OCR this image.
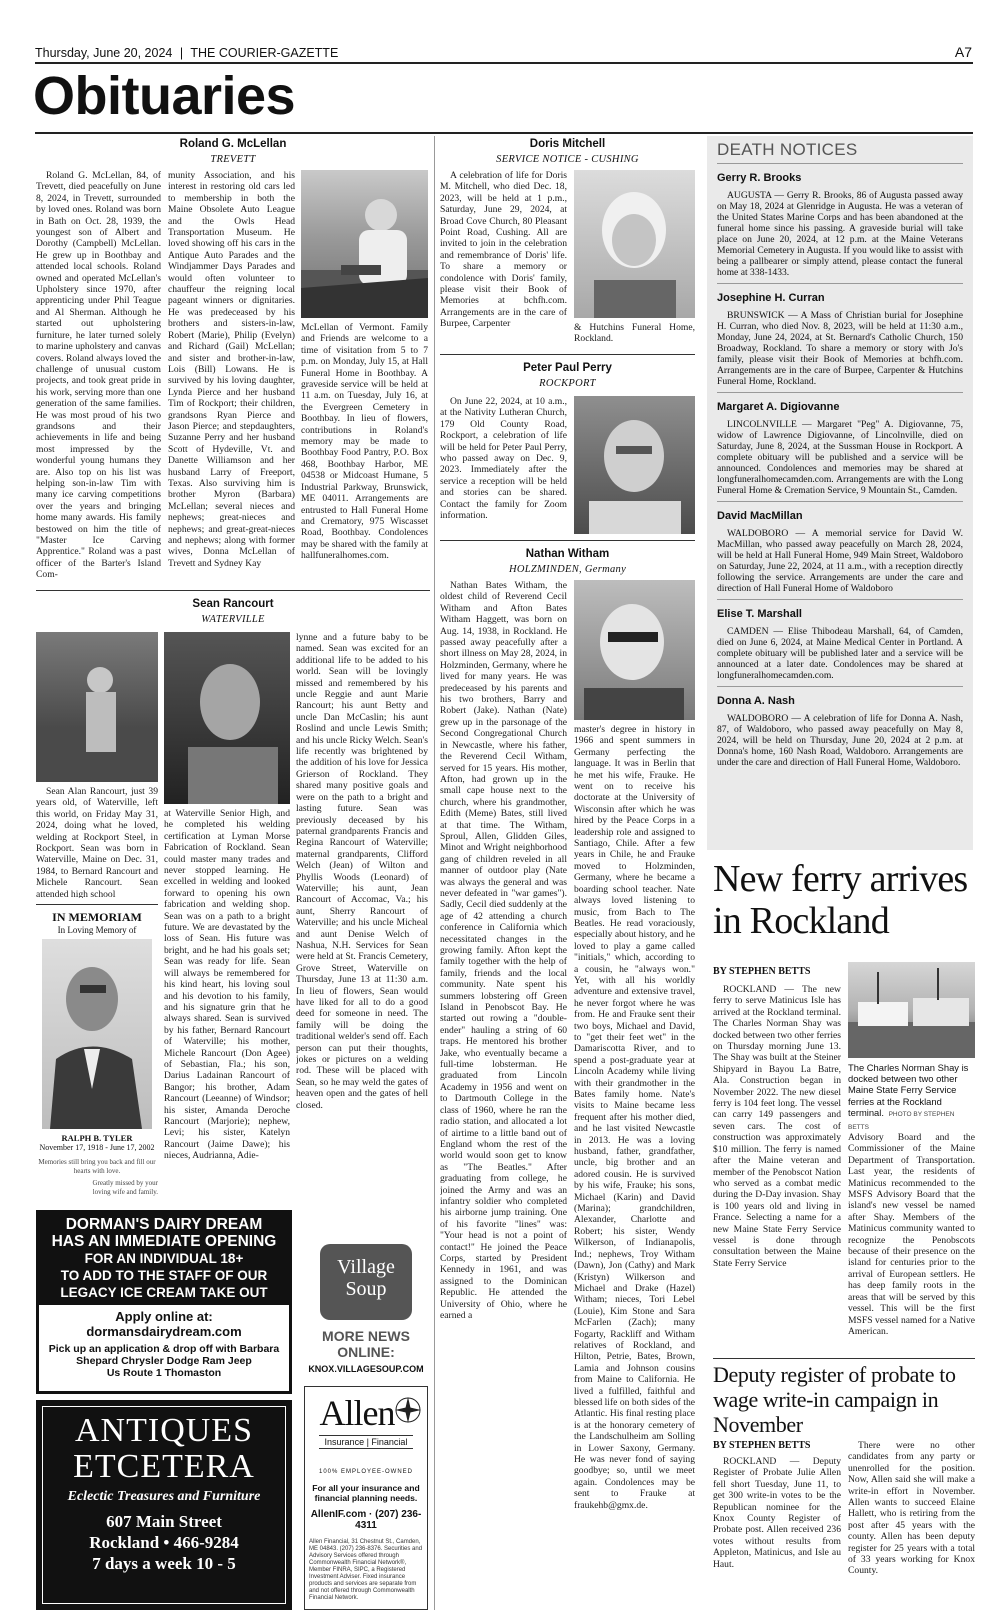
Thursday, June 20, 2024 | THE COURIER-GAZETTE	A7
Obituaries
Roland G. McLellan
TREVETT

Roland G. McLellan, 84, of Trevett, died peacefully on June 8, 2024, in Trevett, surrounded by loved ones. Roland was born in Bath on Oct. 28, 1939, the youngest son of Albert and Dorothy (Campbell) McLellan. He grew up in Boothbay and attended local schools. Roland owned and operated McLellan's Upholstery since 1970, after apprenticing under Phil Teague and Al Sherman. Although he started out upholstering furniture, he later turned solely to marine upholstery and canvas covers. Roland always loved the challenge of unusual custom projects, and took great pride in his work, serving more than one generation of the same families. He was most proud of his two grandsons and their achievements in life and being most impressed by the wonderful young humans they are. Also top on his list was helping son-in-law Tim with many ice carving competitions over the years and bringing home many awards. His family bestowed on him the title of "Master Ice Carving Apprentice." Roland was a past officer of the Barter's Island Com-

munity Association, and his interest in restoring old cars led to membership in both the Maine Obsolete Auto League and the Owls Head Transportation Museum. He loved showing off his cars in the Antique Auto Parades and the Windjammer Days Parades and would often volunteer to chauffeur the reigning local pageant winners or dignitaries. He was predeceased by his brothers and sisters-in-law, Robert (Marie), Philip (Evelyn) and Richard (Gail) McLellan; and sister and brother-in-law, Lois (Bill) Lowans. He is survived by his loving daughter, Lynda Pierce and her husband Tim of Rockport; their children, grandsons Ryan Pierce and Jason Pierce; and stepdaughters, Suzanne Perry and her husband Scott of Hydeville, Vt. and Danette Williamson and her husband Larry of Freeport, Texas. Also surviving him is brother Myron (Barbara) McLellan; several nieces and nephews; great-nieces and nephews; and great-great-nieces and nephews; along with former wives, Donna McLellan of Trevett and Sydney Kay

McLellan of Vermont. Family and Friends are welcome to a time of visitation from 5 to 7 p.m. on Monday, July 15, at Hall Funeral Home in Boothbay. A graveside service will be held at 11 a.m. on Tuesday, July 16, at the Evergreen Cemetery in Boothbay. In lieu of flowers, contributions in Roland's memory may be made to Boothbay Food Pantry, P.O. Box 468, Boothbay Harbor, ME 04538 or Midcoast Humane, 5 Industrial Parkway, Brunswick, ME 04011. Arrangements are entrusted to Hall Funeral Home and Crematory, 975 Wiscasset Road, Boothbay. Condolences may be shared with the family at hallfuneralhomes.com.

Sean Rancourt
WATERVILLE

Sean Alan Rancourt, just 39 years old, of Waterville, left this world, on Friday May 31, 2024, doing what he loved, welding at Rockport Steel, in Rockport. Sean was born in Waterville, Maine on Dec. 31, 1984, to Bernard Rancourt and Michele Rancourt. Sean attended high school

at Waterville Senior High, and he completed his welding certification at Lyman Morse Fabrication of Rockland. Sean could master many trades and never stopped learning. He excelled in welding and looked forward to opening his own fabrication and welding shop. Sean was on a path to a bright future. We are devastated by the loss of Sean. His future was bright, and he had his goals set; Sean was ready for life. Sean will always be remembered for his kind heart, his loving soul and his devotion to his family, and his signature grin that he always shared. Sean is survived by his father, Bernard Rancourt of Waterville; his mother, Michele Rancourt (Don Agee) of Sebastian, Fla.; his son, Darius Ladainan Rancourt of Bangor; his brother, Adam Rancourt (Leeanne) of Windsor; his sister, Amanda Deroche Rancourt (Marjorie); nephew, Levi; his sister, Katelyn Rancourt (Jaime Dawe); his nieces, Audrianna, Adie-

lynne and a future baby to be named. Sean was excited for an additional life to be added to his world. Sean will be lovingly missed and remembered by his uncle Reggie and aunt Marie Rancourt; his aunt Betty and uncle Dan McCaslin; his aunt Roslind and uncle Lewis Smith; and his uncle Ricky Welch. Sean's life recently was brightened by the addition of his love for Jessica Grierson of Rockland. They shared many positive goals and were on the path to a bright and lasting future. Sean was previously deceased by his paternal grandparents Francis and Regina Rancourt of Waterville; maternal grandparents, Clifford Welch (Jean) of Wilton and Phyllis Woods (Leonard) of Waterville; his aunt, Jean Rancourt of Accomac, Va.; his aunt, Sherry Rancourt of Waterville; and his uncle Micheal and aunt Denise Welch of Nashua, N.H. Services for Sean were held at St. Francis Cemetery, Grove Street, Waterville on Thursday, June 13 at 11:30 a.m. In lieu of flowers, Sean would have liked for all to do a good deed for someone in need. The family will be doing the traditional welder's send off. Each person can put their thoughts, jokes or pictures on a welding rod. These will be placed with Sean, so he may weld the gates of heaven open and the gates of hell closed.

IN MEMORIAM
In Loving Memory of
RALPH B. TYLER
November 17, 1918 - June 17, 2002
Memories still bring you back and fill our hearts with love.
Greatly missed by your loving wife and family.
Doris Mitchell
SERVICE NOTICE - CUSHING

A celebration of life for Doris M. Mitchell, who died Dec. 18, 2023, will be held at 1 p.m., Saturday, June 29, 2024, at Broad Cove Church, 80 Pleasant Point Road, Cushing. All are invited to join in the celebration and remembrance of Doris' life. To share a memory or condolence with Doris' family, please visit their Book of Memories at bchfh.com. Arrangements are in the care of Burpee, Carpenter	& Hutchins Funeral Home, Rockland.

Peter Paul Perry
ROCKPORT

On June 22, 2024, at 10 a.m., at the Nativity Lutheran Church, 179 Old County Road, Rockport, a celebration of life will be held for Peter Paul Perry, who passed away on Dec. 9, 2023. Immediately after the service a reception will be held and stories can be shared. Contact the family for Zoom information.

Nathan Witham
HOLZMINDEN, Germany

Nathan Bates Witham, the oldest child of Reverend Cecil Witham and Afton Bates Witham Haggett, was born on Aug. 14, 1938, in Rockland. He passed away peacefully after a short illness on May 28, 2024, in Holzminden, Germany, where he lived for many years. He was predeceased by his parents and his two brothers, Barry and Robert (Jake). Nathan (Nate) grew up in the parsonage of the Second Congregational Church in Newcastle, where his father, the Reverend Cecil Witham, served for 15 years. His mother, Afton, had grown up in the small cape house next to the church, where his grandmother, Edith (Meme) Bates, still lived at that time. The Witham, Sproul, Allen, Glidden Giles, Minot and Wright neighborhood gang of children reveled in all manner of outdoor play (Nate was always the general and was never defeated in "war games"). Sadly, Cecil died suddenly at the age of 42 attending a church conference in California which necessitated changes in the growing family. Afton kept the family together with the help of family, friends and the local community. Nate spent his summers lobstering off Green Island in Penobscot Bay. He started out rowing a "double-ender" hauling a string of 60 traps. He mentored his brother Jake, who eventually became a full-time lobsterman. He graduated from Lincoln Academy in 1956 and went on to Dartmouth College in the class of 1960, where he ran the radio station, and allocated a lot of airtime to a little band out of England whom the rest of the world would soon get to know as "The Beatles." After graduating from college, he joined the Army and was an infantry soldier who completed his airborne jump training. One of his favorite "lines" was: "Your head is not a point of contact!" He joined the Peace Corps, started by President Kennedy in 1961, and was assigned to the Dominican Republic. He attended the University of Ohio, where he earned a

master's degree in history in 1966 and spent summers in Germany perfecting the language. It was in Berlin that he met his wife, Frauke. He went on to receive his doctorate at the University of Wisconsin after which he was hired by the Peace Corps in a leadership role and assigned to Santiago, Chile. After a few years in Chile, he and Frauke moved to Holzminden, Germany, where he became a boarding school teacher. Nate always loved listening to music, from Bach to The Beatles. He read voraciously, especially about history, and he loved to play a game called "initials," which, according to a cousin, he "always won." Yet, with all his worldly adventure and extensive travel, he never forgot where he was from. He and Frauke sent their two boys, Michael and David, to "get their feet wet" in the Damariscotta River, and to spend a post-graduate year at Lincoln Academy while living with their grandmother in the Bates family home. Nate's visits to Maine became less frequent after his mother died, and he last visited Newcastle in 2013. He was a loving husband, father, grandfather, uncle, big brother and an adored cousin. He is survived by his wife, Frauke; his sons, Michael (Karin) and David (Marina); grandchildren, Alexander, Charlotte and Robert; his sister, Wendy Wilkerson, of Indianapolis, Ind.; nephews, Troy Witham (Dawn), Jon (Cathy) and Mark (Kristyn) Wilkerson and Michael and Drake (Hazel) Witham; nieces, Tori Lebel (Louie), Kim Stone and Sara McFarlen (Zach); many Fogarty, Rackliff and Witham relatives of Rockland, and Hilton, Petrie, Bates, Brown, Lamia and Johnson cousins from Maine to California. He lived a fulfilled, faithful and blessed life on both sides of the Atlantic. His final resting place is at the honorary cemetery of the Landschulheim am Solling in Lower Saxony, Germany. He was never fond of saying goodbye; so, until we meet again. Condolences may be sent to Frauke at fraukehb@gmx.de.

DEATH NOTICES
Gerry R. Brooks

AUGUSTA — Gerry R. Brooks, 86 of Augusta passed away on May 18, 2024 at Glenridge in Augusta. He was a veteran of the United States Marine Corps and has been abandoned at the funeral home since his passing. A graveside burial will take place on June 20, 2024, at 12 p.m. at the Maine Veterans Memorial Cemetery in Augusta. If you would like to assist with being a pallbearer or simply attend, please contact the funeral home at 338-1433.

Josephine H. Curran

BRUNSWICK — A Mass of Christian burial for Josephine H. Curran, who died Nov. 8, 2023, will be held at 11:30 a.m., Monday, June 24, 2024, at St. Bernard's Catholic Church, 150 Broadway, Rockland. To share a memory or story with Jo's family, please visit their Book of Memories at bchfh.com. Arrangements are in the care of Burpee, Carpenter & Hutchins Funeral Home, Rockland.

Margaret A. Digiovanne

LINCOLNVILLE — Margaret "Peg" A. Digiovanne, 75, widow of Lawrence Digiovanne, of Lincolnville, died on Saturday, June 8, 2024, at the Sussman House in Rockport. A complete obituary will be published and a service will be announced. Condolences and memories may be shared at longfuneralhomecamden.com. Arrangements are with the Long Funeral Home & Cremation Service, 9 Mountain St., Camden.

David MacMillan

WALDOBORO — A memorial service for David W. MacMillan, who passed away peacefully on March 28, 2024, will be held at Hall Funeral Home, 949 Main Street, Waldoboro on Saturday, June 22, 2024, at 11 a.m., with a reception directly following the service. Arrangements are under the care and direction of Hall Funeral Home of Waldoboro

Elise T. Marshall

CAMDEN — Elise Thibodeau Marshall, 64, of Camden, died on June 6, 2024, at Maine Medical Center in Portland. A complete obituary will be published later and a service will be announced at a later date. Condolences may be shared at longfuneralhomecamden.com.

Donna A. Nash

WALDOBORO — A celebration of life for Donna A. Nash, 87, of Waldoboro, who passed away peacefully on May 8, 2024, will be held on Thursday, June 20, 2024 at 2 p.m. at Donna's home, 160 Nash Road, Waldoboro. Arrangements are under the care and direction of Hall Funeral Home, Waldoboro.

New ferry arrives in Rockland
BY STEPHEN BETTS

ROCKLAND — The new ferry to serve Matinicus Isle has arrived at the Rockland terminal. The Charles Norman Shay was docked between two other ferries on Thursday morning June 13. The Shay was built at the Steiner Shipyard in Bayou La Batre, Ala. Construction began in November 2022. The new diesel ferry is 104 feet long. The vessel can carry 149 passengers and seven cars. The cost of construction was approximately $10 million. The ferry is named after the Maine veteran and member of the Penobscot Nation who served as a combat medic during the D-Day invasion. Shay is 100 years old and living in France. Selecting a name for a new Maine State Ferry Service vessel is done through consultation between the Maine State Ferry Service

The Charles Norman Shay is docked between two other Maine State Ferry Service ferries at the Rockland terminal. PHOTO BY STEPHEN BETTS

Advisory Board and the Commissioner of the Maine Department of Transportation. Last year, the residents of Matinicus recommended to the MSFS Advisory Board that the island's new vessel be named after Shay. Members of the Matinicus community wanted to recognize the Penobscots because of their presence on the island for centuries prior to the arrival of European settlers. He has deep family roots in the areas that will be served by this vessel. This will be the first MSFS vessel named for a Native American.

Deputy register of probate to wage write-in campaign in November
BY STEPHEN BETTS

ROCKLAND — Deputy Register of Probate Julie Allen fell short Tuesday, June 11, to get 300 write-in votes to be the Republican nominee for the Knox County Register of Probate post. Allen received 236 votes without results from Appleton, Matinicus, and Isle au Haut.

There were no other candidates from any party or unenrolled for the position. Now, Allen said she will make a write-in effort in November. Allen wants to succeed Elaine Hallett, who is retiring from the post after 45 years with the county. Allen has been deputy register for 25 years with a total of 33 years working for Knox County.

DORMAN'S DAIRY DREAM
HAS AN IMMEDIATE OPENING
FOR AN INDIVIDUAL 18+
TO ADD TO THE STAFF OF OUR
LEGACY ICE CREAM TAKE OUT
Apply online at:
dormansdairydream.com
Pick up an application & drop off with Barbara
Shepard Chrysler Dodge Ram Jeep
Us Route 1 Thomaston
ANTIQUES
ETCETERA
Eclectic Treasures and Furniture
607 Main Street
Rockland • 466-9284
7 days a week 10 - 5
Village
Soup
MORE NEWS
ONLINE:
KNOX.VILLAGESOUP.COM
Allen
Insurance | Financial
100% EMPLOYEE-OWNED
For all your insurance and financial planning needs.
AllenIF.com · (207) 236-4311
Allen Financial, 31 Chestnut St., Camden, ME 04843. (207) 236-8376. Securities and Advisory Services offered through Commonwealth Financial Network®, Member FINRA, SIPC, a Registered Investment Adviser. Fixed insurance products and services are separate from and not offered through Commonwealth Financial Network.
